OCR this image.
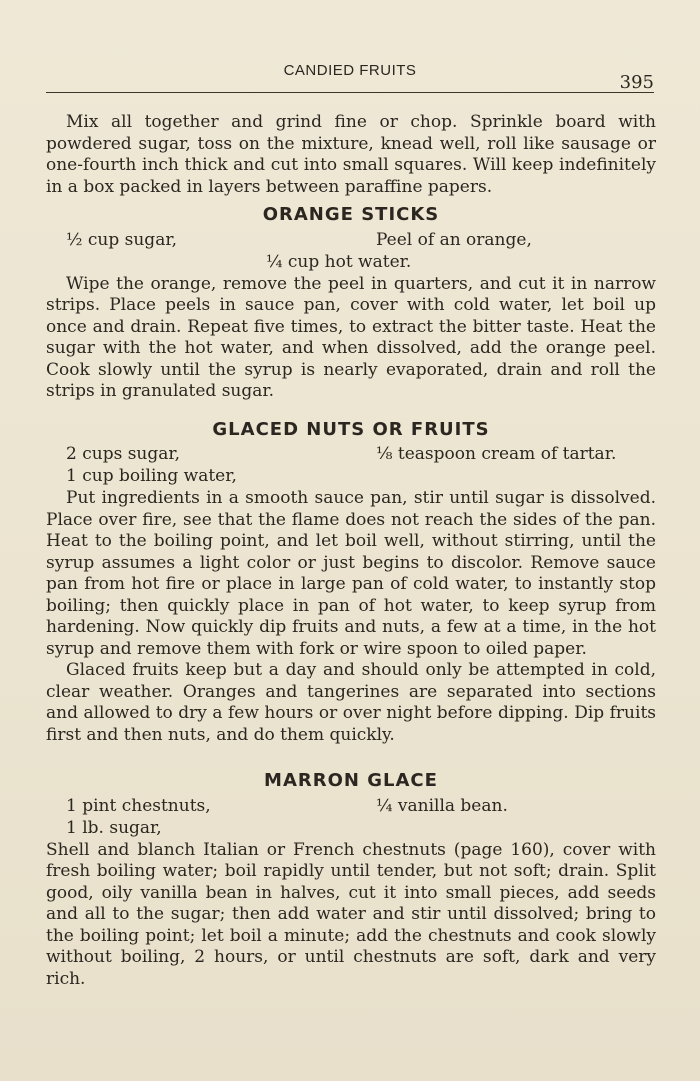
CANDIED FRUITS
395

Mix all together and grind fine or chop. Sprinkle board with powdered sugar, toss on the mixture, knead well, roll like sausage or one-fourth inch thick and cut into small squares. Will keep indefinitely in a box packed in layers between paraffine papers.

ORANGE STICKS
½ cup sugar,	Peel of an orange,
¼ cup hot water.

Wipe the orange, remove the peel in quarters, and cut it in narrow strips. Place peels in sauce pan, cover with cold water, let boil up once and drain. Repeat five times, to extract the bitter taste. Heat the sugar with the hot water, and when dissolved, add the orange peel. Cook slowly until the syrup is nearly evaporated, drain and roll the strips in granulated sugar.

GLACED NUTS OR FRUITS
2 cups sugar,	⅛ teaspoon cream of tartar.
1 cup boiling water,

Put ingredients in a smooth sauce pan, stir until sugar is dissolved. Place over fire, see that the flame does not reach the sides of the pan. Heat to the boiling point, and let boil well, without stirring, until the syrup assumes a light color or just begins to discolor. Remove sauce pan from hot fire or place in large pan of cold water, to instantly stop boiling; then quickly place in pan of hot water, to keep syrup from hardening. Now quickly dip fruits and nuts, a few at a time, in the hot syrup and remove them with fork or wire spoon to oiled paper.

Glaced fruits keep but a day and should only be attempted in cold, clear weather. Oranges and tangerines are separated into sections and allowed to dry a few hours or over night before dipping. Dip fruits first and then nuts, and do them quickly.

MARRON GLACE
1 pint chestnuts,	¼ vanilla bean.
1 lb. sugar,

Shell and blanch Italian or French chestnuts (page 160), cover with fresh boiling water; boil rapidly until tender, but not soft; drain. Split good, oily vanilla bean in halves, cut it into small pieces, add seeds and all to the sugar; then add water and stir until dissolved; bring to the boiling point; let boil a minute; add the chestnuts and cook slowly without boiling, 2 hours, or until chestnuts are soft, dark and very rich.
